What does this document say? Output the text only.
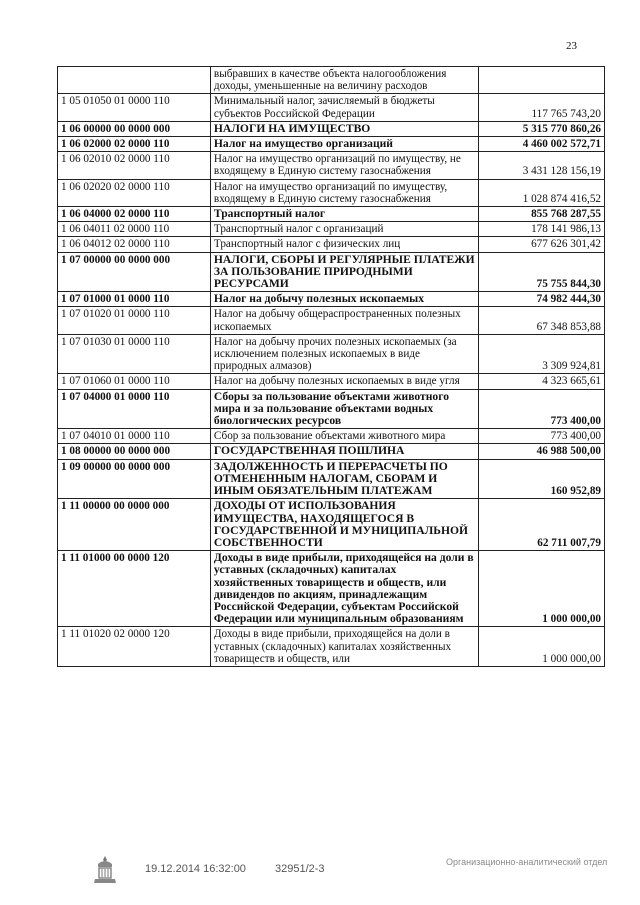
23
	выбравших в качестве объекта налогообложения доходы, уменьшенные на величину расходов	
1 05 01050 01 0000 110	Минимальный налог, зачисляемый в бюджеты субъектов Российской Федерации	117 765 743,20
1 06 00000 00 0000 000	НАЛОГИ НА ИМУЩЕСТВО	5 315 770 860,26
1 06 02000 02 0000 110	Налог на имущество организаций	4 460 002 572,71
1 06 02010 02 0000 110	Налог на имущество организаций по имуществу, не входящему в Единую систему газоснабжения	3 431 128 156,19
1 06 02020 02 0000 110	Налог на имущество организаций по имуществу, входящему в Единую систему газоснабжения	1 028 874 416,52
1 06 04000 02 0000 110	Транспортный налог	855 768 287,55
1 06 04011 02 0000 110	Транспортный налог с организаций	178 141 986,13
1 06 04012 02 0000 110	Транспортный налог с физических лиц	677 626 301,42
1 07 00000 00 0000 000	НАЛОГИ, СБОРЫ И РЕГУЛЯРНЫЕ ПЛАТЕЖИ ЗА ПОЛЬЗОВАНИЕ ПРИРОДНЫМИ РЕСУРСАМИ	75 755 844,30
1 07 01000 01 0000 110	Налог на добычу полезных ископаемых	74 982 444,30
1 07 01020 01 0000 110	Налог на добычу общераспространенных полезных ископаемых	67 348 853,88
1 07 01030 01 0000 110	Налог на добычу прочих полезных ископаемых (за исключением полезных ископаемых в виде природных алмазов)	3 309 924,81
1 07 01060 01 0000 110	Налог на добычу полезных ископаемых в виде угля	4 323 665,61
1 07 04000 01 0000 110	Сборы за пользование объектами животного мира и за пользование объектами водных биологических ресурсов	773 400,00
1 07 04010 01 0000 110	Сбор за пользование объектами животного мира	773 400,00
1 08 00000 00 0000 000	ГОСУДАРСТВЕННАЯ ПОШЛИНА	46 988 500,00
1 09 00000 00 0000 000	ЗАДОЛЖЕННОСТЬ И ПЕРЕРАСЧЕТЫ ПО ОТМЕНЕННЫМ НАЛОГАМ, СБОРАМ И ИНЫМ ОБЯЗАТЕЛЬНЫМ ПЛАТЕЖАМ	160 952,89
1 11 00000 00 0000 000	ДОХОДЫ ОТ ИСПОЛЬЗОВАНИЯ ИМУЩЕСТВА, НАХОДЯЩЕГОСЯ В ГОСУДАРСТВЕННОЙ И МУНИЦИПАЛЬНОЙ СОБСТВЕННОСТИ	62 711 007,79
1 11 01000 00 0000 120	Доходы в виде прибыли, приходящейся на доли в уставных (складочных) капиталах хозяйственных товариществ и обществ, или дивидендов по акциям, принадлежащим Российской Федерации, субъектам Российской Федерации или муниципальным образованиям	1 000 000,00
1 11 01020 02 0000 120	Доходы в виде прибыли, приходящейся на доли в уставных (складочных) капиталах хозяйственных товариществ и обществ, или	1 000 000,00
19.12.2014 16:32:00	32951/2-3
Организационно-аналитический отдел
